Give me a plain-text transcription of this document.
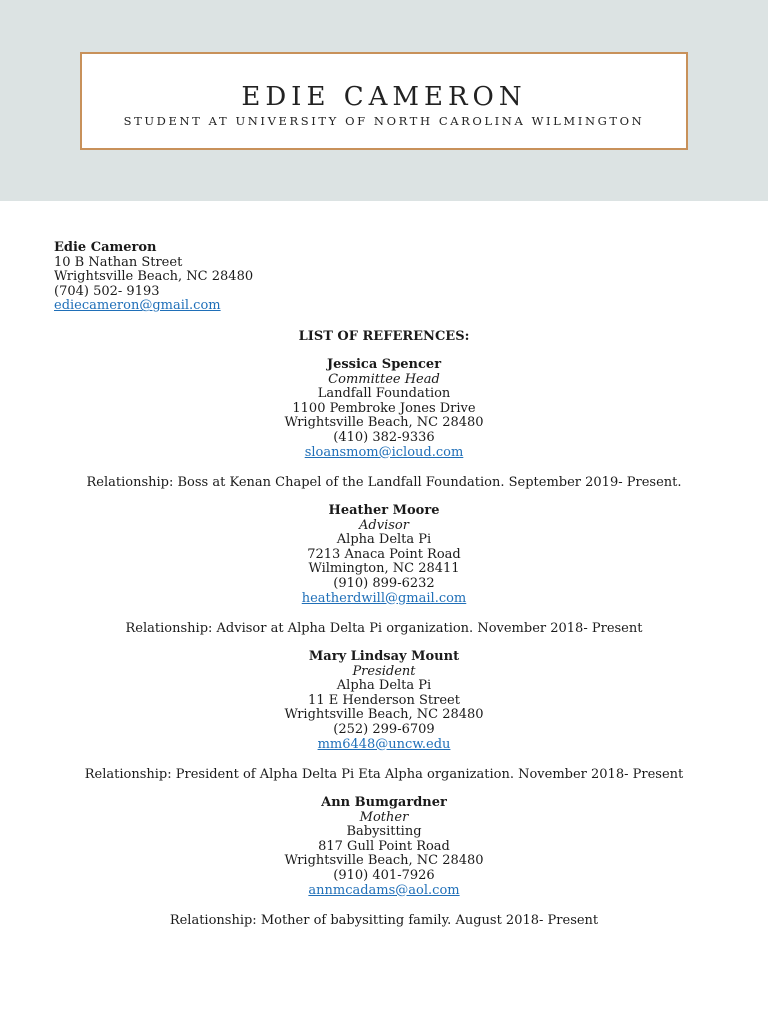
EDIE CAMERON
STUDENT AT UNIVERSITY OF NORTH CAROLINA WILMINGTON
Edie Cameron
10 B Nathan Street
Wrightsville Beach, NC 28480
(704) 502- 9193
ediecameron@gmail.com
LIST OF REFERENCES:
Jessica Spencer
Committee Head
Landfall Foundation
1100 Pembroke Jones Drive
Wrightsville Beach, NC 28480
(410) 382-9336
sloansmom@icloud.com
Relationship: Boss at Kenan Chapel of the Landfall Foundation. September 2019- Present.
Heather Moore
Advisor
Alpha Delta Pi
7213 Anaca Point Road
Wilmington, NC 28411
(910) 899-6232
heatherdwill@gmail.com
Relationship: Advisor at Alpha Delta Pi organization. November 2018- Present
Mary Lindsay Mount
President
Alpha Delta Pi
11 E Henderson Street
Wrightsville Beach, NC 28480
(252) 299-6709
mm6448@uncw.edu
Relationship: President of Alpha Delta Pi Eta Alpha organization. November 2018- Present
Ann Bumgardner
Mother
Babysitting
817 Gull Point Road
Wrightsville Beach, NC 28480
(910) 401-7926
annmcadams@aol.com
Relationship: Mother of babysitting family. August 2018- Present
